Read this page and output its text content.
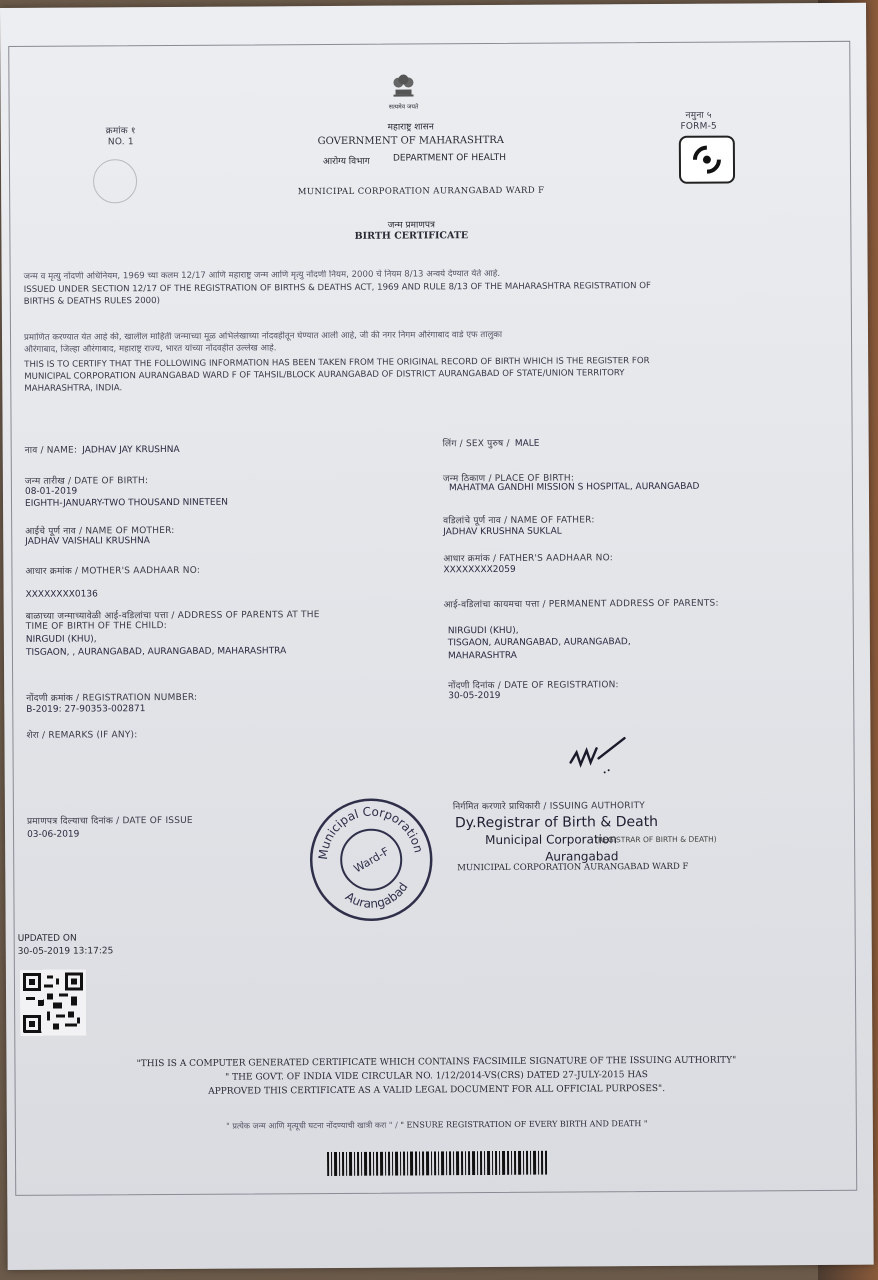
सत्यमेव जयते
क्रमांक १
NO. 1
महाराष्ट्र शासन
GOVERNMENT OF MAHARASHTRA
आरोग्य विभाग	DEPARTMENT OF HEALTH
नमुना ५
FORM-5
MUNICIPAL CORPORATION AURANGABAD WARD F
जन्म प्रमाणपत्र
BIRTH CERTIFICATE
जन्म व मृत्यु नोंदणी अधिनियम, 1969 च्या कलम 12/17 आणि महाराष्ट्र जन्म आणि मृत्यु नोंदणी नियम, 2000 चे नियम 8/13 अन्वये देण्यात येते आहे.
ISSUED UNDER SECTION 12/17 OF THE REGISTRATION OF BIRTHS & DEATHS ACT, 1969 AND RULE 8/13 OF THE MAHARASHTRA REGISTRATION OF
BIRTHS & DEATHS RULES 2000)
प्रमाणित करण्यात येत आहे की, खालील माहिती जन्माच्या मूळ अभिलेखाच्या नोंदवहीतून घेण्यात आली आहे, जी की नगर निगम औरंगाबाद वार्ड एफ तालुका
औरंगाबाद, जिल्हा औरंगाबाद, महाराष्ट्र राज्य, भारत यांच्या नोंदवहीत उल्लेख आहे.
THIS IS TO CERTIFY THAT THE FOLLOWING INFORMATION HAS BEEN TAKEN FROM THE ORIGINAL RECORD OF BIRTH WHICH IS THE REGISTER FOR
MUNICIPAL CORPORATION AURANGABAD WARD F OF TAHSIL/BLOCK AURANGABAD OF DISTRICT AURANGABAD OF STATE/UNION TERRITORY
MAHARASHTRA, INDIA.
नाव / NAME: JADHAV JAY KRUSHNA
लिंग / SEX पुरुष / MALE
जन्म तारीख / DATE OF BIRTH:
08-01-2019
EIGHTH-JANUARY-TWO THOUSAND NINETEEN
जन्म ठिकाण / PLACE OF BIRTH:
MAHATMA GANDHI MISSION S HOSPITAL, AURANGABAD
आईचे पूर्ण नाव / NAME OF MOTHER:
JADHAV VAISHALI KRUSHNA
वडिलांचे पूर्ण नाव / NAME OF FATHER:
JADHAV KRUSHNA SUKLAL
आधार क्रमांक / MOTHER'S AADHAAR NO:
XXXXXXXX0136
आधार क्रमांक / FATHER'S AADHAAR NO:
XXXXXXXX2059
बाळाच्या जन्माच्यावेळी आई-वडिलांचा पत्ता / ADDRESS OF PARENTS AT THE
TIME OF BIRTH OF THE CHILD:
NIRGUDI (KHU),
TISGAON, , AURANGABAD, AURANGABAD, MAHARASHTRA
आई-वडिलांचा कायमचा पत्ता / PERMANENT ADDRESS OF PARENTS:
NIRGUDI (KHU),
TISGAON, AURANGABAD, AURANGABAD,
MAHARASHTRA
नोंदणी क्रमांक / REGISTRATION NUMBER:
B-2019: 27-90353-002871
नोंदणी दिनांक / DATE OF REGISTRATION:
30-05-2019
शेरा / REMARKS (IF ANY):
प्रमाणपत्र दिल्याचा दिनांक / DATE OF ISSUE
03-06-2019
निर्गमित करणारे प्राधिकारी / ISSUING AUTHORITY
Dy.Registrar of Birth & Death
Municipal Corporation
(REGISTRAR OF BIRTH & DEATH)
Aurangabad
MUNICIPAL CORPORATION AURANGABAD WARD F
Municipal Corporation
Aurangabad
Ward-F
UPDATED ON
30-05-2019 13:17:25
"THIS IS A COMPUTER GENERATED CERTIFICATE WHICH CONTAINS FACSIMILE SIGNATURE OF THE ISSUING AUTHORITY"
" THE GOVT. OF INDIA VIDE CIRCULAR NO. 1/12/2014-VS(CRS) DATED 27-JULY-2015 HAS
APPROVED THIS CERTIFICATE AS A VALID LEGAL DOCUMENT FOR ALL OFFICIAL PURPOSES".
" प्रत्येक जन्म आणि मृत्यूची घटना नोंदण्याची खात्री करा " / " ENSURE REGISTRATION OF EVERY BIRTH AND DEATH "
